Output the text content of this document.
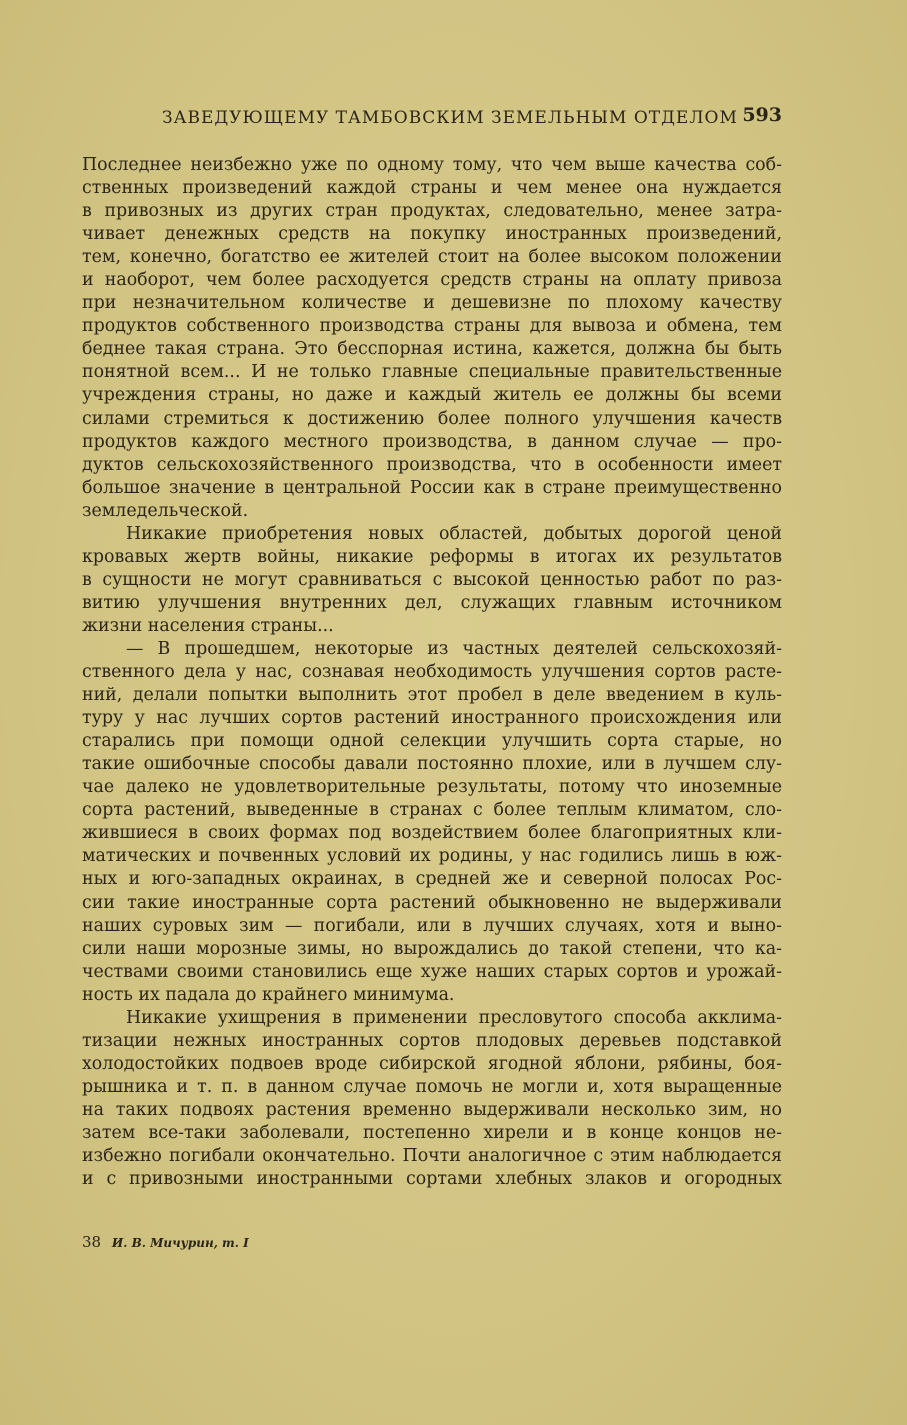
ЗАВЕДУЮЩЕМУ ТАМБОВСКИМ ЗЕМЕЛЬНЫМ ОТДЕЛОМ 593
Последнее неизбежно уже по одному тому, что чем выше качества соб-
ственных произведений каждой страны и чем менее она нуждается
в привозных из других стран продуктах, следовательно, менее затра-
чивает денежных средств на покупку иностранных произведений,
тем, конечно, богатство ее жителей стоит на более высоком положении
и наоборот, чем более расходуется средств страны на оплату привоза
при незначительном количестве и дешевизне по плохому качеству
продуктов собственного производства страны для вывоза и обмена, тем
беднее такая страна. Это бесспорная истина, кажется, должна бы быть
понятной всем... И не только главные специальные правительственные
учреждения страны, но даже и каждый житель ее должны бы всеми
силами стремиться к достижению более полного улучшения качеств
продуктов каждого местного производства, в данном случае — про-
дуктов сельскохозяйственного производства, что в особенности имеет
большое значение в центральной России как в стране преимущественно
земледельческой.
Никакие приобретения новых областей, добытых дорогой ценой
кровавых жертв войны, никакие реформы в итогах их результатов
в сущности не могут сравниваться с высокой ценностью работ по раз-
витию улучшения внутренних дел, служащих главным источником
жизни населения страны...
— В прошедшем, некоторые из частных деятелей сельскохозяй-
ственного дела у нас, сознавая необходимость улучшения сортов расте-
ний, делали попытки выполнить этот пробел в деле введением в куль-
туру у нас лучших сортов растений иностранного происхождения или
старались при помощи одной селекции улучшить сорта старые, но
такие ошибочные способы давали постоянно плохие, или в лучшем слу-
чае далеко не удовлетворительные результаты, потому что иноземные
сорта растений, выведенные в странах с более теплым климатом, сло-
жившиеся в своих формах под воздействием более благоприятных кли-
матических и почвенных условий их родины, у нас годились лишь в юж-
ных и юго-западных окраинах, в средней же и северной полосах Рос-
сии такие иностранные сорта растений обыкновенно не выдерживали
наших суровых зим — погибали, или в лучших случаях, хотя и выно-
сили наши морозные зимы, но вырождались до такой степени, что ка-
чествами своими становились еще хуже наших старых сортов и урожай-
ность их падала до крайнего минимума.
Никакие ухищрения в применении пресловутого способа акклима-
тизации нежных иностранных сортов плодовых деревьев подставкой
холодостойких подвоев вроде сибирской ягодной яблони, рябины, боя-
рышника и т. п. в данном случае помочь не могли и, хотя выращенные
на таких подвоях растения временно выдерживали несколько зим, но
затем все-таки заболевали, постепенно хирели и в конце концов не-
избежно погибали окончательно. Почти аналогичное с этим наблюдается
и с привозными иностранными сортами хлебных злаков и огородных
38 И. В. Мичурин, т. I
